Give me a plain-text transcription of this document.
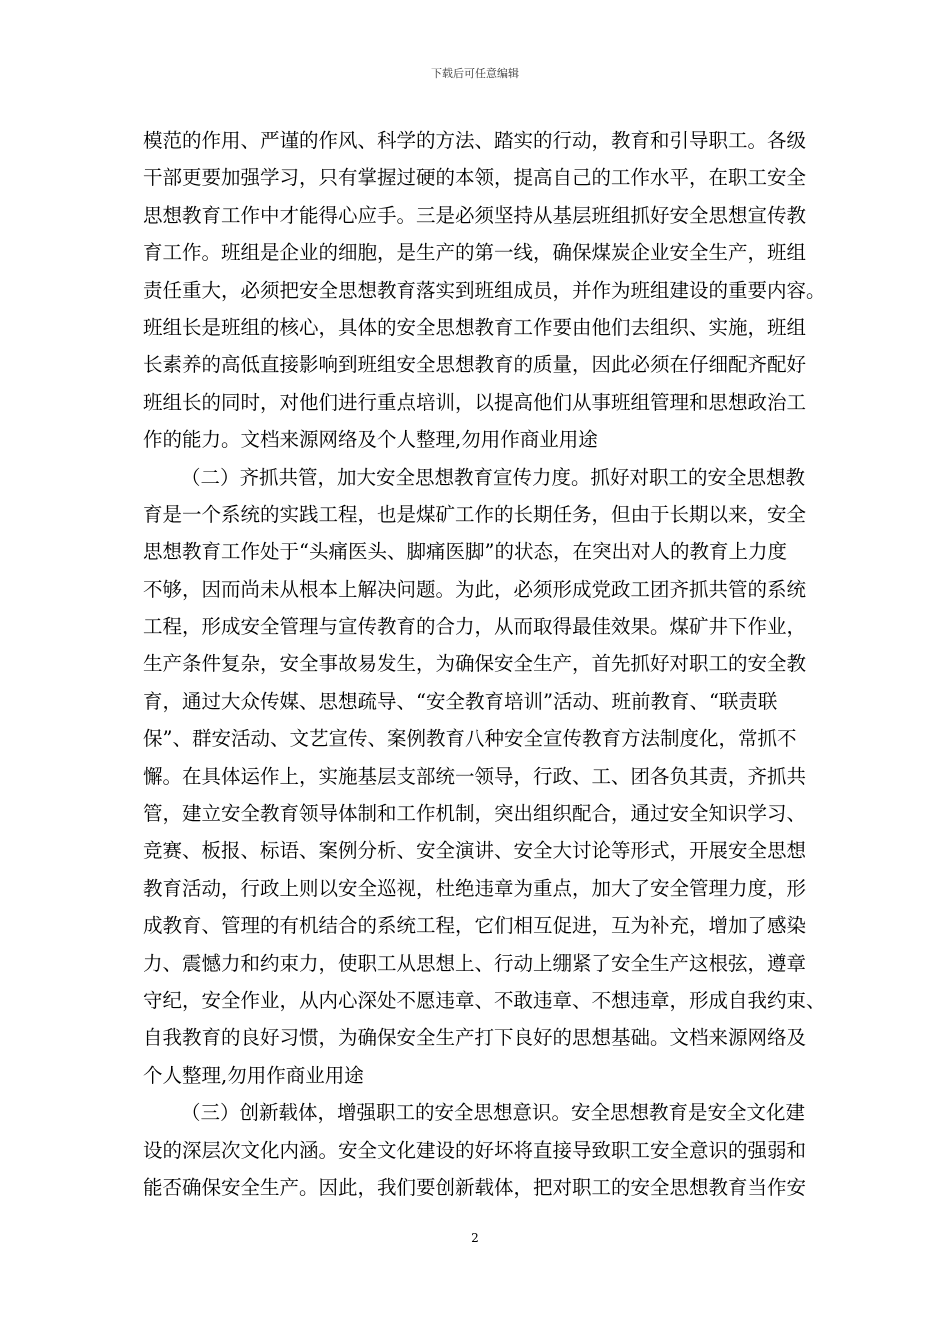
下载后可任意编辑
模范的作用、严谨的作风、科学的方法、踏实的行动，教育和引导职工。各级
干部更要加强学习，只有掌握过硬的本领，提高自己的工作水平，在职工安全
思想教育工作中才能得心应手。三是必须坚持从基层班组抓好安全思想宣传教
育工作。班组是企业的细胞，是生产的第一线，确保煤炭企业安全生产，班组
责任重大，必须把安全思想教育落实到班组成员，并作为班组建设的重要内容。
班组长是班组的核心，具体的安全思想教育工作要由他们去组织、实施，班组
长素养的高低直接影响到班组安全思想教育的质量，因此必须在仔细配齐配好
班组长的同时，对他们进行重点培训，以提高他们从事班组管理和思想政治工
作的能力。文档来源网络及个人整理,勿用作商业用途
（二）齐抓共管，加大安全思想教育宣传力度。抓好对职工的安全思想教
育是一个系统的实践工程，也是煤矿工作的长期任务，但由于长期以来，安全
思想教育工作处于“头痛医头、脚痛医脚”的状态，在突出对人的教育上力度
不够，因而尚未从根本上解决问题。为此，必须形成党政工团齐抓共管的系统
工程，形成安全管理与宣传教育的合力，从而取得最佳效果。煤矿井下作业，
生产条件复杂，安全事故易发生，为确保安全生产，首先抓好对职工的安全教
育，通过大众传媒、思想疏导、“安全教育培训”活动、班前教育、“联责联
保”、群安活动、文艺宣传、案例教育八种安全宣传教育方法制度化，常抓不
懈。在具体运作上，实施基层支部统一领导，行政、工、团各负其责，齐抓共
管，建立安全教育领导体制和工作机制，突出组织配合，通过安全知识学习、
竞赛、板报、标语、案例分析、安全演讲、安全大讨论等形式，开展安全思想
教育活动，行政上则以安全巡视，杜绝违章为重点，加大了安全管理力度，形
成教育、管理的有机结合的系统工程，它们相互促进，互为补充，增加了感染
力、震憾力和约束力，使职工从思想上、行动上绷紧了安全生产这根弦，遵章
守纪，安全作业，从内心深处不愿违章、不敢违章、不想违章，形成自我约束、
自我教育的良好习惯，为确保安全生产打下良好的思想基础。文档来源网络及
个人整理,勿用作商业用途
（三）创新载体，增强职工的安全思想意识。安全思想教育是安全文化建
设的深层次文化内涵。安全文化建设的好坏将直接导致职工安全意识的强弱和
能否确保安全生产。因此，我们要创新载体，把对职工的安全思想教育当作安
2
